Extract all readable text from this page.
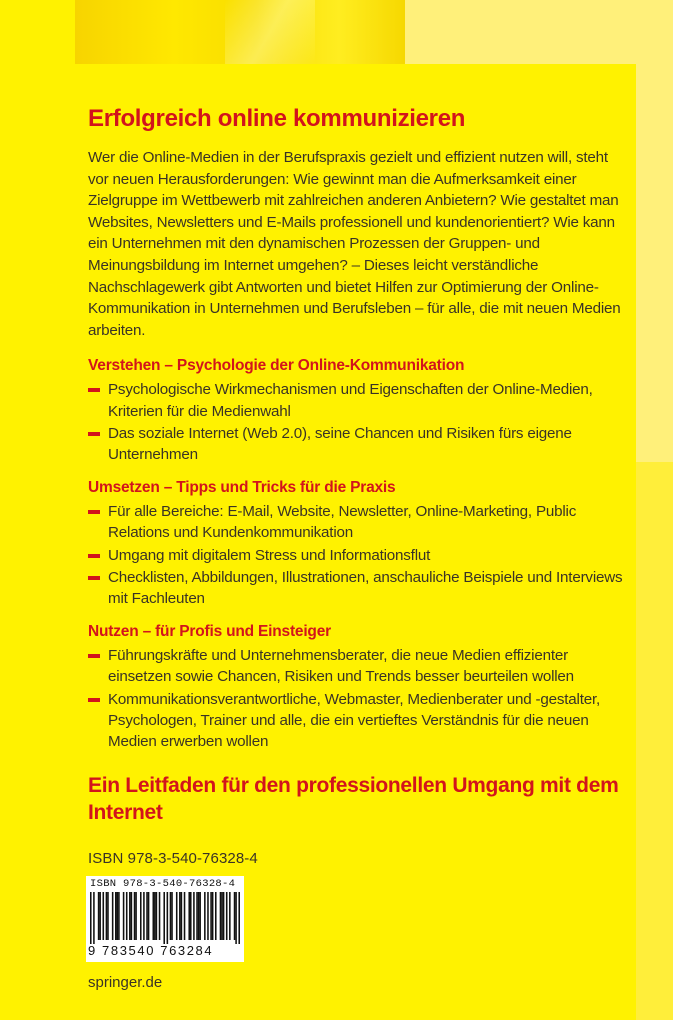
Erfolgreich online kommunizieren

Wer die Online-Medien in der Berufspraxis gezielt und effizient nutzen will, steht vor neuen Herausforderungen: Wie gewinnt man die Aufmerksamkeit einer Zielgruppe im Wettbewerb mit zahlreichen anderen Anbietern? Wie gestaltet man Websites, Newsletters und E-Mails professionell und kundenorientiert? Wie kann ein Unternehmen mit den dynamischen Prozessen der Gruppen- und Meinungsbildung im Internet umgehen? – Dieses leicht verständliche Nachschlagewerk gibt Antworten und bietet Hilfen zur Optimierung der Online-Kommunikation in Unternehmen und Berufsleben – für alle, die mit neuen Medien arbeiten.

Verstehen – Psychologie der Online-Kommunikation
Psychologische Wirkmechanismen und Eigenschaften der Online-Medien, Kriterien für die Medienwahl
Das soziale Internet (Web 2.0), seine Chancen und Risiken fürs eigene Unternehmen
Umsetzen – Tipps und Tricks für die Praxis
Für alle Bereiche: E-Mail, Website, Newsletter, Online-Marketing, Public Relations und Kundenkommunikation
Umgang mit digitalem Stress und Informationsflut
Checklisten, Abbildungen, Illustrationen, anschauliche Beispiele und Interviews mit Fachleuten
Nutzen – für Profis und Einsteiger
Führungskräfte und Unternehmensberater, die neue Medien effizienter einsetzen sowie Chancen, Risiken und Trends besser beurteilen wollen
Kommunikationsverantwortliche, Webmaster, Medienberater und -gestalter, Psychologen, Trainer und alle, die ein vertieftes Verständnis für die neuen Medien erwerben wollen
Ein Leitfaden für den professionellen Umgang mit dem Internet
ISBN 978-3-540-76328-4
ISBN 978-3-540-76328-4
9 783540 763284
springer.de
